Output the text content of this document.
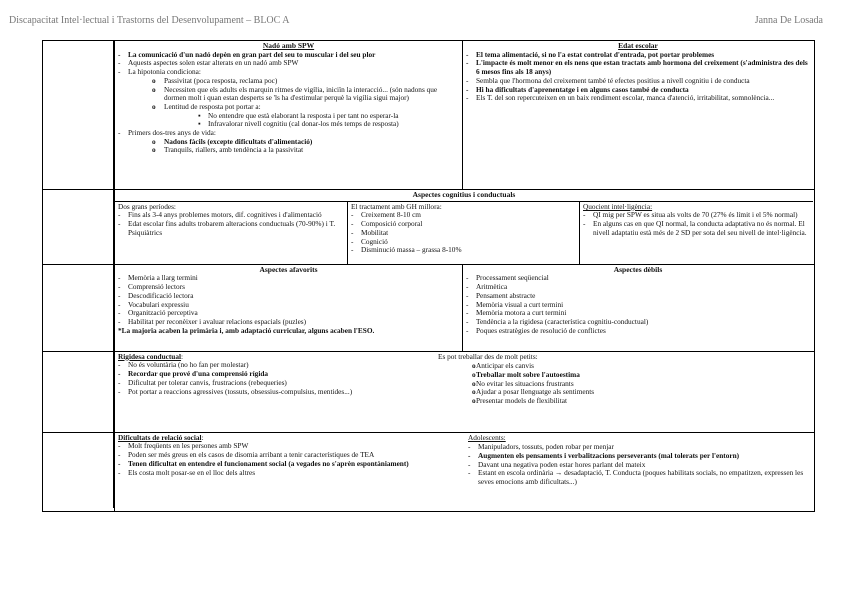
Discapacitat Intel·lectual i Trastorns del Desenvolupament – BLOC A	Janna De Losada
Nadó amb SPW
- La comunicació d'un nadó depèn en gran part del seu to muscular i del seu plor
- Aquests aspectes solen estar alterats en un nadó amb SPW
- La hipotonia condiciona:
o Passivitat (poca resposta, reclama poc)
o Necessiten que els adults els marquin ritmes de vigília, iniciïn la interacció... (són nadons que dormen molt i quan estan desperts se 'ls ha d'estimular perquè la vigília sigui major)
o Lentitud de resposta pot portar a:
▪ No entendre que està elaborant la resposta i per tant no esperar-la
▪ Infravalorar nivell cognitiu (cal donar-los més temps de resposta)
- Primers dos-tres anys de vida:
o Nadons fàcils (excepte dificultats d'alimentació)
o Tranquils, riallers, amb tendència a la passivitat
Edat escolar
- El tema alimentació, si no l'a estat controlat d'entrada, pot portar problemes
- L'impacte és molt menor en els nens que estan tractats amb hormona del creixement (s'administra des dels 6 mesos fins als 18 anys)
- Sembla que l'hormona del creixement també té efectes positius a nivell cognitiu i de conducta
- Hi ha dificultats d'aprenentatge i en alguns casos també de conducta
- Els T. del son repercuteixen en un baix rendiment escolar, manca d'atenció, irritabilitat, somnolència...
Aspectes cognitius i conductuals
Dos grans períodes:
- Fins als 3-4 anys problemes motors, dif. cognitives i d'alimentació
- Edat escolar fins adults trobarem alteracions conductuals (70-90%) i T. Psiquiàtrics
El tractament amb GH millora:
- Creixement 8-10 cm
- Composició corporal
- Mobilitat
- Cognició
- Disminució massa – grassa 8-10%
Quocient intel·ligència:
- QI mig per SPW es situa als volts de 70 (27% és límit i el 5% normal)
- En alguns cas en que QI normal, la conducta adaptativa no és normal. El nivell adaptatiu està més de 2 SD per sota del seu nivell de intel·ligència.
Aspectes afavorits
- Memòria a llarg termini
- Comprensió lectors
- Descodificació lectora
- Vocabulari expressiu
- Organització perceptiva
- Habilitat per reconèixer i avaluar relacions espacials (puzles)
*La majoria acaben la primària i, amb adaptació curricular, alguns acaben l'ESO.
Aspectes dèbils
- Processament seqüencial
- Aritmètica
- Pensament abstracte
- Memòria visual a curt termini
- Memòria motora a curt termini
- Tendència a la rigidesa (característica cognitiu-conductual)
- Poques estratègies de resolució de conflictes
Rigidesa conductual:
- No és voluntària (no ho fan per molestar)
- Recordar que prové d'una comprensió rígida
- Dificultat per tolerar canvis, frustracions (rebequeries)
- Pot portar a reaccions agressives (tossuts, obsessius-compulsius, mentides...)
Es pot treballar des de molt petits:
o Anticipar els canvis
o Treballar molt sobre l'autoestima
o No evitar les situacions frustrants
o Ajudar a posar llenguatge als sentiments
o Presentar models de flexibilitat
Dificultats de relació social:
- Molt freqüents en les persones amb SPW
- Poden ser més greus en els casos de disomia arribant a tenir característiques de TEA
- Tenen dificultat en entendre el funcionament social (a vegades no s'aprèn espontàniament)
- Els costa molt posar-se en el lloc dels altres
Adolescents:
- Manipuladors, tossuts, poden robar per menjar
- Augmenten els pensaments i verbalitzacions perseverants (mal tolerats per l'entorn)
- Davant una negativa poden estar hores parlant del mateix
- Estant en escola ordinària → desadaptació, T. Conducta (poques habilitats socials, no empatitzen, expressen les seves emocions amb dificultats...)
